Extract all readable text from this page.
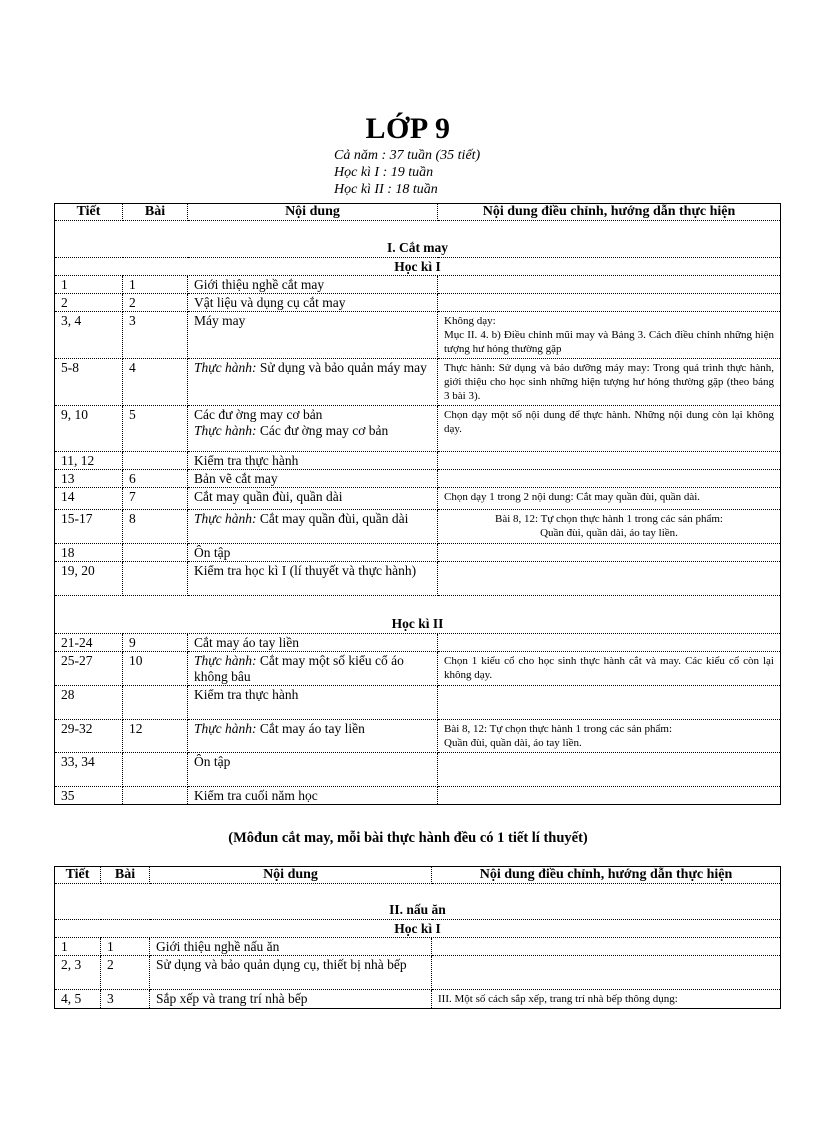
LỚP 9
Cả năm : 37 tuần (35 tiết)
Học kì I : 19 tuần
Học kì II : 18 tuần
Tiết	Bài	Nội dung	Nội dung điều chỉnh, hướng dẫn thực hiện
I. Cắt may			
Học kì I			
1	1	Giới thiệu nghề cắt may	
2	2	Vật liệu và dụng cụ cắt may	
3, 4	3	Máy may	Không dạy:
Mục II. 4. b) Điều chỉnh mũi may và Bảng 3. Cách điều chỉnh những hiện tượng hư hỏng thường gặp
5-8	4	Thực hành: Sử dụng và bảo quản máy may	Thực hành: Sử dụng và bảo dưỡng máy may: Trong quá trình thực hành, giới thiệu cho học sinh những hiện tượng hư hỏng thường gặp (theo bảng 3 bài 3).
9, 10	5	Các đư ờng may cơ bản
Thực hành: Các đư ờng may cơ bản	Chọn dạy một số nội dung để thực hành. Những nội dung còn lại không dạy.
11, 12		Kiểm tra thực hành	
13	6	Bản vẽ cắt may	
14	7	Cắt may quần đùi, quần dài	Chọn dạy 1 trong 2 nội dung: Cắt may quần đùi, quần dài.
15-17	8	Thực hành: Cắt may quần đùi, quần dài	Bài 8, 12: Tự chọn thực hành 1 trong các sản phẩm:
Quần đùi, quần dài, áo tay liền.
18		Ôn tập	
19, 20		Kiểm tra học kì I (lí thuyết và thực hành)	
Học kì II			
21-24	9	Cắt may áo tay liền	
25-27	10	Thực hành: Cắt may một số kiểu cổ áo không bâu	Chọn 1 kiểu cổ cho học sinh thực hành cắt và may. Các kiểu cổ còn lại không dạy.
28		Kiểm tra thực hành	
29-32	12	Thực hành: Cắt may áo tay liền	Bài 8, 12: Tự chọn thực hành 1 trong các sản phẩm:
Quần đùi, quần dài, áo tay liền.
33, 34		Ôn tập	
35		Kiểm tra cuối năm học	
(Môđun cắt may, mỗi bài thực hành đều có 1 tiết lí thuyết)
Tiết	Bài	Nội dung	Nội dung điều chỉnh, hướng dẫn thực hiện
II. nấu ăn			
Học kì I			
1	1	Giới thiệu nghề nấu ăn	
2, 3	2	Sử dụng và bảo quản dụng cụ, thiết bị nhà bếp	
4, 5	3	Sắp xếp và trang trí nhà bếp	III. Một số cách sắp xếp, trang trí nhà bếp thông dụng:
